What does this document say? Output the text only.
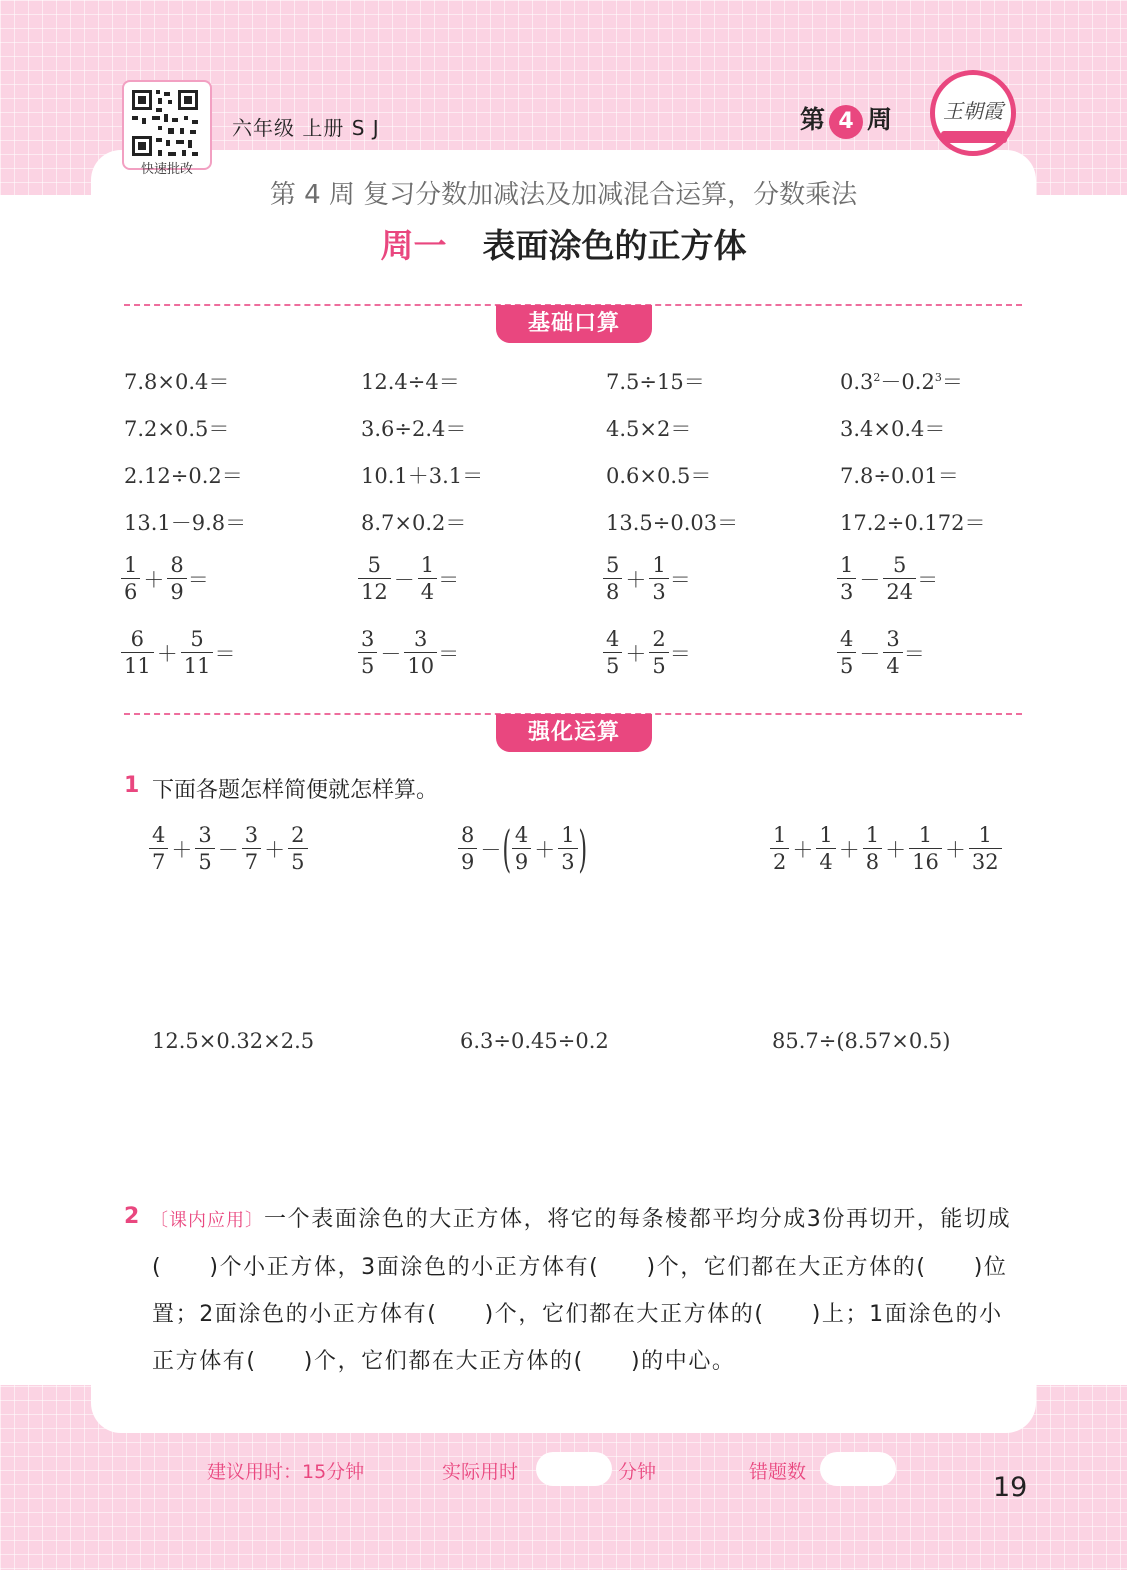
快速批改
六年级 上册 S J	第 4 周	王朝霞
第 4 周 复习分数加减法及加减混合运算，分数乘法
周一 表面涂色的正方体
基础口算
7.8×0.4＝	12.4÷4＝	7.5÷15＝	$0.3^2-0.2^3=$
7.2×0.5＝	3.6÷2.4＝	4.5×2＝	3.4×0.4＝
2.12÷0.2＝	10.1＋3.1＝	0.6×0.5＝	7.8÷0.01＝
13.1－9.8＝	8.7×0.2＝	13.5÷0.03＝	17.2÷0.172＝
$\frac{1}{6} + \frac{8}{9}$ ＝	$\frac{5}{12} - \frac{1}{4}$ ＝	$\frac{5}{8} + \frac{1}{3}$ ＝	$\frac{1}{3} - \frac{5}{24}$ ＝
$\frac{6}{11} + \frac{5}{11}$ ＝	$\frac{3}{5} - \frac{3}{10}$ ＝	$\frac{4}{5} + \frac{2}{5}$ ＝	$\frac{4}{5} - \frac{3}{4}$ ＝
强化运算
1 下面各题怎样简便就怎样算。
$\frac{4}{7} + \frac{3}{5} - \frac{3}{7} + \frac{2}{5}$	$\frac{8}{9}$ － ( $\frac{4}{9} + \frac{1}{3}$ )	$\frac{1}{2} + \frac{1}{4} + \frac{1}{8} + \frac{1}{16} + \frac{1}{32}$
12.5×0.32×2.5	6.3÷0.45÷0.2	85.7÷(8.57×0.5)
2 〔课内应用〕一个表面涂色的大正方体，将它的每条棱都平均分成3份再切开，能切成(　　)个小正方体，3面涂色的小正方体有(　　)个，它们都在大正方体的(　　)位置；2面涂色的小正方体有(　　)个，它们都在大正方体的(　　)上；1面涂色的小正方体有(　　)个，它们都在大正方体的(　　)的中心。
建议用时：15分钟	实际用时	分钟	错题数	19
